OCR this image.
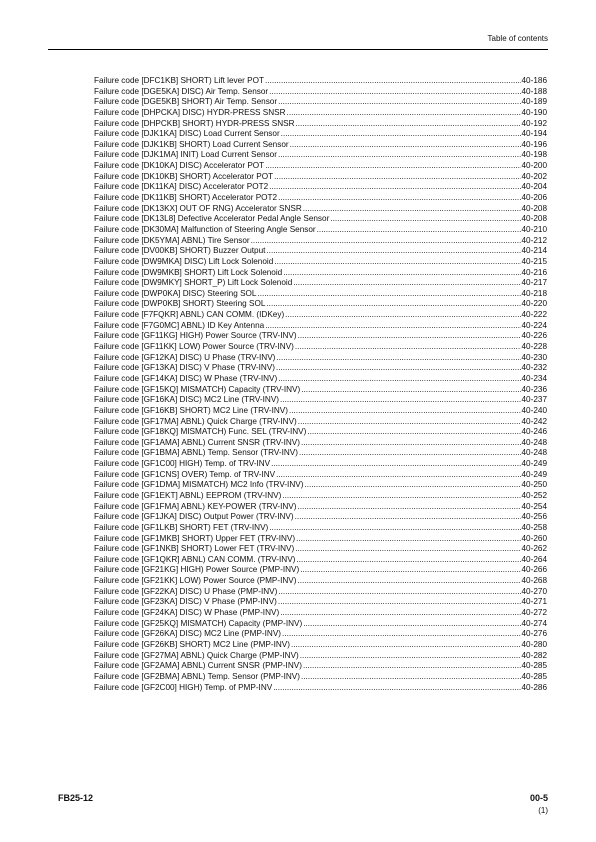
Table of contents
Failure code [DFC1KB] SHORT) Lift lever POT .....	40-186
Failure code [DGE5KA] DISC) Air Temp. Sensor .....	40-188
Failure code [DGE5KB] SHORT) Air Temp. Sensor .....	40-189
Failure code [DHPCKA] DISC) HYDR-PRESS SNSR .....	40-190
Failure code [DHPCKB] SHORT) HYDR-PRESS SNSR .....	40-192
Failure code [DJK1KA] DISC) Load Current Sensor .....	40-194
Failure code [DJK1KB] SHORT) Load Current Sensor .....	40-196
Failure code [DJK1MA] INIT) Load Current Sensor .....	40-198
Failure code [DK10KA] DISC) Accelerator POT .....	40-200
Failure code [DK10KB] SHORT) Accelerator POT .....	40-202
Failure code [DK11KA] DISC) Accelerator POT2 .....	40-204
Failure code [DK11KB] SHORT) Accelerator POT2 .....	40-206
Failure code [DK13KX] OUT OF RNG) Accelerator SNSR .....	40-208
Failure code [DK13L8] Defective Accelerator Pedal Angle Sensor .....	40-208
Failure code [DK30MA] Malfunction of Steering Angle Sensor .....	40-210
Failure code [DK5YMA] ABNL) Tire Sensor .....	40-212
Failure code [DV00KB] SHORT) Buzzer Output .....	40-214
Failure code [DW9MKA] DISC) Lift Lock Solenoid .....	40-215
Failure code [DW9MKB] SHORT) Lift Lock Solenoid .....	40-216
Failure code [DW9MKY] SHORT_P) Lift Lock Solenoid .....	40-217
Failure code [DWP0KA] DISC) Steering SOL .....	40-218
Failure code [DWP0KB] SHORT) Steering SOL .....	40-220
Failure code [F7FQKR] ABNL) CAN COMM. (IDKey) .....	40-222
Failure code [F7G0MC] ABNL) ID Key Antenna .....	40-224
Failure code [GF11KG] HIGH) Power Source (TRV-INV) .....	40-226
Failure code [GF11KK] LOW) Power Source (TRV-INV) .....	40-228
Failure code [GF12KA] DISC) U Phase (TRV-INV) .....	40-230
Failure code [GF13KA] DISC) V Phase (TRV-INV) .....	40-232
Failure code [GF14KA] DISC) W Phase (TRV-INV) .....	40-234
Failure code [GF15KQ] MISMATCH) Capacity (TRV-INV) .....	40-236
Failure code [GF16KA] DISC) MC2 Line (TRV-INV) .....	40-237
Failure code [GF16KB] SHORT) MC2 Line (TRV-INV) .....	40-240
Failure code [GF17MA] ABNL) Quick Charge (TRV-INV) .....	40-242
Failure code [GF18KQ] MISMATCH) Func. SEL (TRV-INV) .....	40-246
Failure code [GF1AMA] ABNL) Current SNSR (TRV-INV) .....	40-248
Failure code [GF1BMA] ABNL) Temp. Sensor (TRV-INV) .....	40-248
Failure code [GF1C00] HIGH) Temp. of TRV-INV .....	40-249
Failure code [GF1CNS] OVER) Temp. of TRV-INV .....	40-249
Failure code [GF1DMA] MISMATCH) MC2 Info (TRV-INV) .....	40-250
Failure code [GF1EKT] ABNL) EEPROM (TRV-INV) .....	40-252
Failure code [GF1FMA] ABNL) KEY-POWER (TRV-INV) .....	40-254
Failure code [GF1JKA] DISC) Output Power (TRV-INV) .....	40-256
Failure code [GF1LKB] SHORT) FET (TRV-INV) .....	40-258
Failure code [GF1MKB] SHORT) Upper FET (TRV-INV) .....	40-260
Failure code [GF1NKB] SHORT) Lower FET (TRV-INV) .....	40-262
Failure code [GF1QKR] ABNL) CAN COMM. (TRV-INV) .....	40-264
Failure code [GF21KG] HIGH) Power Source (PMP-INV) .....	40-266
Failure code [GF21KK] LOW) Power Source (PMP-INV) .....	40-268
Failure code [GF22KA] DISC) U Phase (PMP-INV) .....	40-270
Failure code [GF23KA] DISC) V Phase (PMP-INV) .....	40-271
Failure code [GF24KA] DISC) W Phase (PMP-INV) .....	40-272
Failure code [GF25KQ] MISMATCH) Capacity (PMP-INV) .....	40-274
Failure code [GF26KA] DISC) MC2 Line (PMP-INV) .....	40-276
Failure code [GF26KB] SHORT) MC2 Line (PMP-INV) .....	40-280
Failure code [GF27MA] ABNL) Quick Charge (PMP-INV) .....	40-282
Failure code [GF2AMA] ABNL) Current SNSR (PMP-INV) .....	40-285
Failure code [GF2BMA] ABNL) Temp. Sensor (PMP-INV) .....	40-285
Failure code [GF2C00] HIGH) Temp. of PMP-INV .....	40-286
FB25-12	00-5
(1)
